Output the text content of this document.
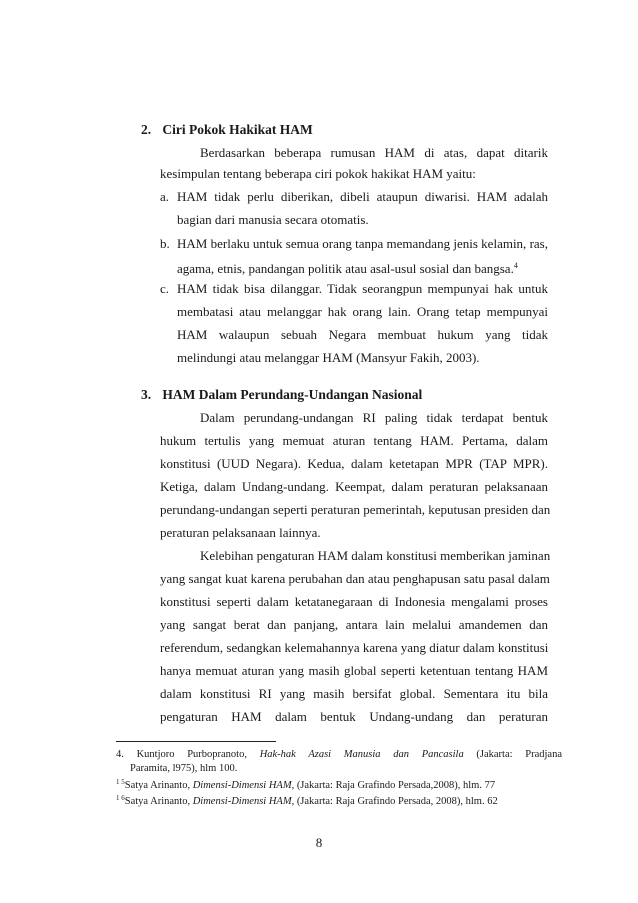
2. Ciri Pokok Hakikat HAM
Berdasarkan beberapa rumusan HAM di atas, dapat ditarik
kesimpulan tentang beberapa ciri pokok hakikat HAM yaitu:
a. HAM tidak perlu diberikan, dibeli ataupun diwarisi. HAM adalah
bagian dari manusia secara otomatis.
b. HAM berlaku untuk semua orang tanpa memandang jenis kelamin, ras,
agama, etnis, pandangan politik atau asal-usul sosial dan bangsa.$^4$
c. HAM tidak bisa dilanggar. Tidak seorangpun mempunyai hak untuk
membatasi atau melanggar hak orang lain. Orang tetap mempunyai
HAM walaupun sebuah Negara membuat hukum yang tidak
melindungi atau melanggar HAM (Mansyur Fakih, 2003).
3. HAM Dalam Perundang-Undangan Nasional
Dalam perundang-undangan RI paling tidak terdapat bentuk
hukum tertulis yang memuat aturan tentang HAM. Pertama, dalam
konstitusi (UUD Negara). Kedua, dalam ketetapan MPR (TAP MPR).
Ketiga, dalam Undang-undang. Keempat, dalam peraturan pelaksanaan
perundang-undangan seperti peraturan pemerintah, keputusan presiden dan
peraturan pelaksanaan lainnya.
Kelebihan pengaturan HAM dalam konstitusi memberikan jaminan
yang sangat kuat karena perubahan dan atau penghapusan satu pasal dalam
konstitusi seperti dalam ketatanegaraan di Indonesia mengalami proses
yang sangat berat dan panjang, antara lain melalui amandemen dan
referendum, sedangkan kelemahannya karena yang diatur dalam konstitusi
hanya memuat aturan yang masih global seperti ketentuan tentang HAM
dalam konstitusi RI yang masih bersifat global. Sementara itu bila
pengaturan HAM dalam bentuk Undang-undang dan peraturan
4. Kuntjoro Purbopranoto, Hak-hak Azasi Manusia dan Pancasila (Jakarta: Pradjana
Paramita, l975), hlm 100.
$^{1 5}$Satya Arinanto, Dimensi-Dimensi HAM, (Jakarta: Raja Grafindo Persada,2008), hlm. 77
$^{1 6}$Satya Arinanto, Dimensi-Dimensi HAM, (Jakarta: Raja Grafindo Persada, 2008), hlm. 62
8
